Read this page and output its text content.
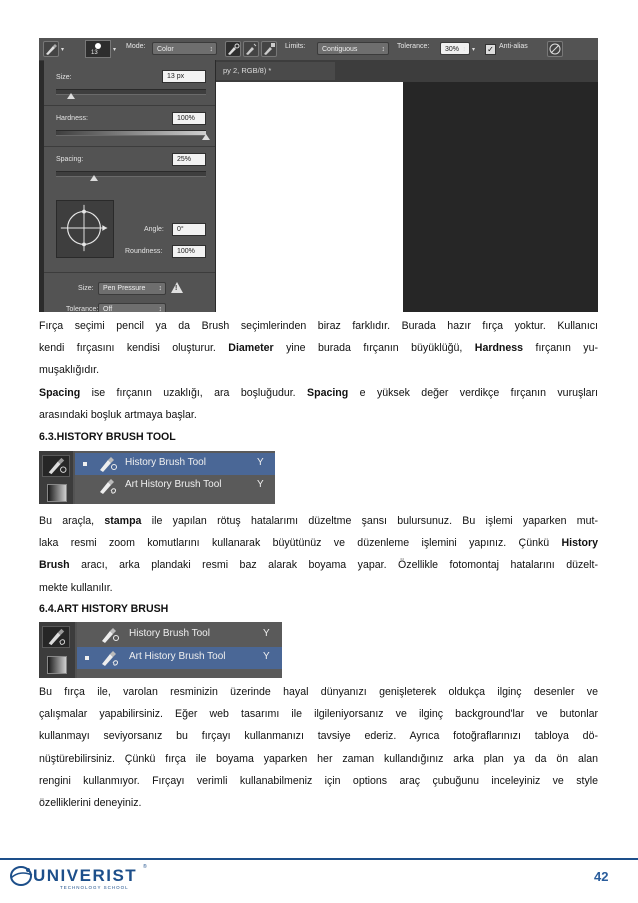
▾	13	▾ Mode:	Color ↕	Limits:	Contiguous ↕	Tolerance:	30% ↕	▾ ✓ Anti-alias
py 2, RGB/8) *
Size:	13 px
Hardness:	100%
Spacing:	25%
Angle:	0°
Roundness:	100%
Size:	Pen Pressure ↕	!
Tolerance: Off ↕
Fırça seçimi pencil ya da Brush seçimlerinden biraz farklıdır. Burada hazır fırça yoktur. Kullanıcı
kendi fırçasını kendisi oluşturur. Diameter yine burada fırçanın büyüklüğü, Hardness fırçanın yu-
muşaklığıdır.
Spacing ise fırçanın uzaklığı, ara boşluğudur. Spacing e yüksek değer verdikçe fırçanın vuruşları
arasındaki boşluk artmaya başlar.
6.3.HISTORY BRUSH TOOL
History Brush Tool	Y
Art History Brush Tool	Y
Bu araçla, stampa ile yapılan rötuş hatalarımı düzeltme şansı bulursunuz. Bu işlemi yaparken mut-
laka resmi zoom komutlarını kullanarak büyütünüz ve düzenleme işlemini yapınız. Çünkü History
Brush aracı, arka plandaki resmi baz alarak boyama yapar. Özellikle fotomontaj hatalarını düzelt-
mekte kullanılır.
6.4.ART HISTORY BRUSH
History Brush Tool	Y
Art History Brush Tool	Y
Bu fırça ile, varolan resminizin üzerinde hayal dünyanızı genişleterek oldukça ilginç desenler ve
çalışmalar yapabilirsiniz. Eğer web tasarımı ile ilgileniyorsanız ve ilginç background'lar ve butonlar
kullanmayı seviyorsanız bu fırçayı kullanmanızı tavsiye ederiz. Ayrıca fotoğraflarınızı tabloya dö-
nüştürebilirsiniz. Çünkü fırça ile boyama yaparken her zaman kullandığınız arka plan ya da ön alan
rengini kullanmıyor. Fırçayı verimli kullanabilmeniz için options araç çubuğunu inceleyiniz ve style
özelliklerini deneyiniz.
UNIVERIST
TECHNOLOGY SCHOOL
®
42
